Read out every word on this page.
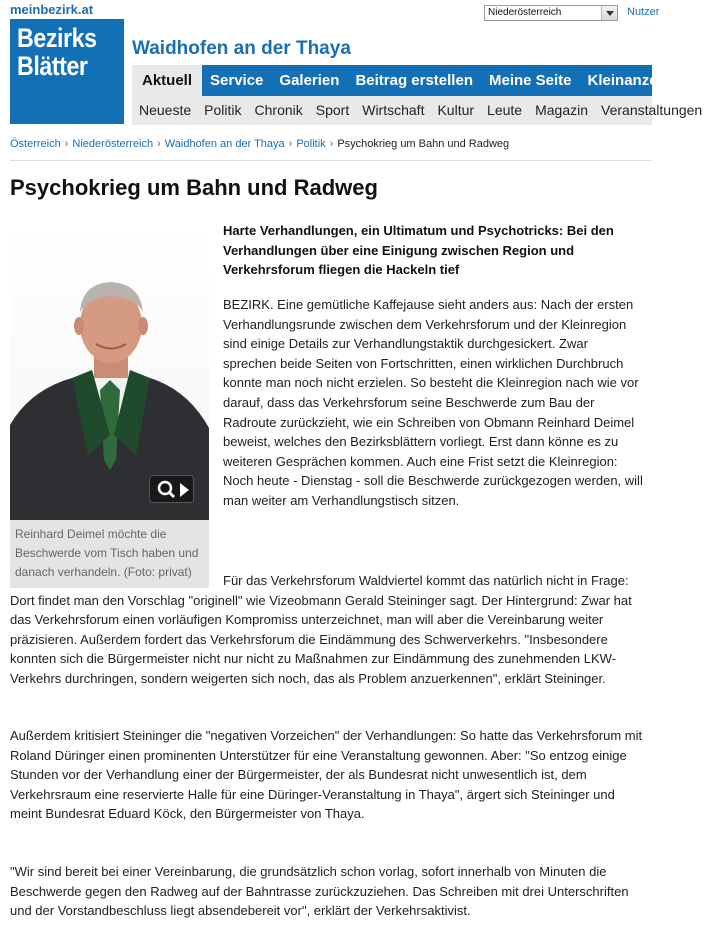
meinbezirk.at	Niederösterreich	Nutzer
Bezirks
Blätter
Waidhofen an der Thaya
Aktuell Service Galerien Beitrag erstellen Meine Seite Kleinanzeigen
Neueste Politik Chronik Sport Wirtschaft Kultur Leute Magazin Veranstaltungen
Österreich › Niederösterreich › Waidhofen an der Thaya › Politik › Psychokrieg um Bahn und Radweg
Psychokrieg um Bahn und Radweg
Reinhard Deimel möchte die Beschwerde vom Tisch haben und danach verhandeln. (Foto: privat)

Harte Verhandlungen, ein Ultimatum und Psychotricks: Bei den Verhandlungen über eine Einigung zwischen Region und Verkehrsforum fliegen die Hackeln tief

BEZIRK. Eine gemütliche Kaffejause sieht anders aus: Nach der ersten Verhandlungsrunde zwischen dem Verkehrsforum und der Kleinregion sind einige Details zur Verhandlungstaktik durchgesickert. Zwar sprechen beide Seiten von Fortschritten, einen wirklichen Durchbruch konnte man noch nicht erzielen. So besteht die Kleinregion nach wie vor darauf, dass das Verkehrsforum seine Beschwerde zum Bau der Radroute zurückzieht, wie ein Schreiben von Obmann Reinhard Deimel beweist, welches den Bezirksblättern vorliegt. Erst dann könne es zu weiteren Gesprächen kommen. Auch eine Frist setzt die Kleinregion: Noch heute - Dienstag - soll die Beschwerde zurückgezogen werden, will man weiter am Verhandlungstisch sitzen.

Für das Verkehrsforum Waldviertel kommt das natürlich nicht in Frage: Dort findet man den Vorschlag "originell" wie Vizeobmann Gerald Steininger sagt. Der Hintergrund: Zwar hat das Verkehrsforum einen vorläufigen Kompromiss unterzeichnet, man will aber die Vereinbarung weiter präzisieren. Außerdem fordert das Verkehrsforum die Eindämmung des Schwerverkehrs. "Insbesondere konnten sich die Bürgermeister nicht nur nicht zu Maßnahmen zur Eindämmung des zunehmenden LKW-Verkehrs durchringen, sondern weigerten sich noch, das als Problem anzuerkennen", erklärt Steininger.

Außerdem kritisiert Steininger die "negativen Vorzeichen" der Verhandlungen: So hatte das Verkehrsforum mit Roland Düringer einen prominenten Unterstützer für eine Veranstaltung gewonnen. Aber: "So entzog einige Stunden vor der Verhandlung einer der Bürgermeister, der als Bundesrat nicht unwesentlich ist, dem Verkehrsraum eine reservierte Halle für eine Düringer-Veranstaltung in Thaya", ärgert sich Steininger und meint Bundesrat Eduard Köck, den Bürgermeister von Thaya.

"Wir sind bereit bei einer Vereinbarung, die grundsätzlich schon vorlag, sofort innerhalb von Minuten die Beschwerde gegen den Radweg auf der Bahntrasse zurückzuziehen. Das Schreiben mit drei Unterschriften und der Vorstandbeschluss liegt absendebereit vor", erklärt der Verkehrsaktivist.
